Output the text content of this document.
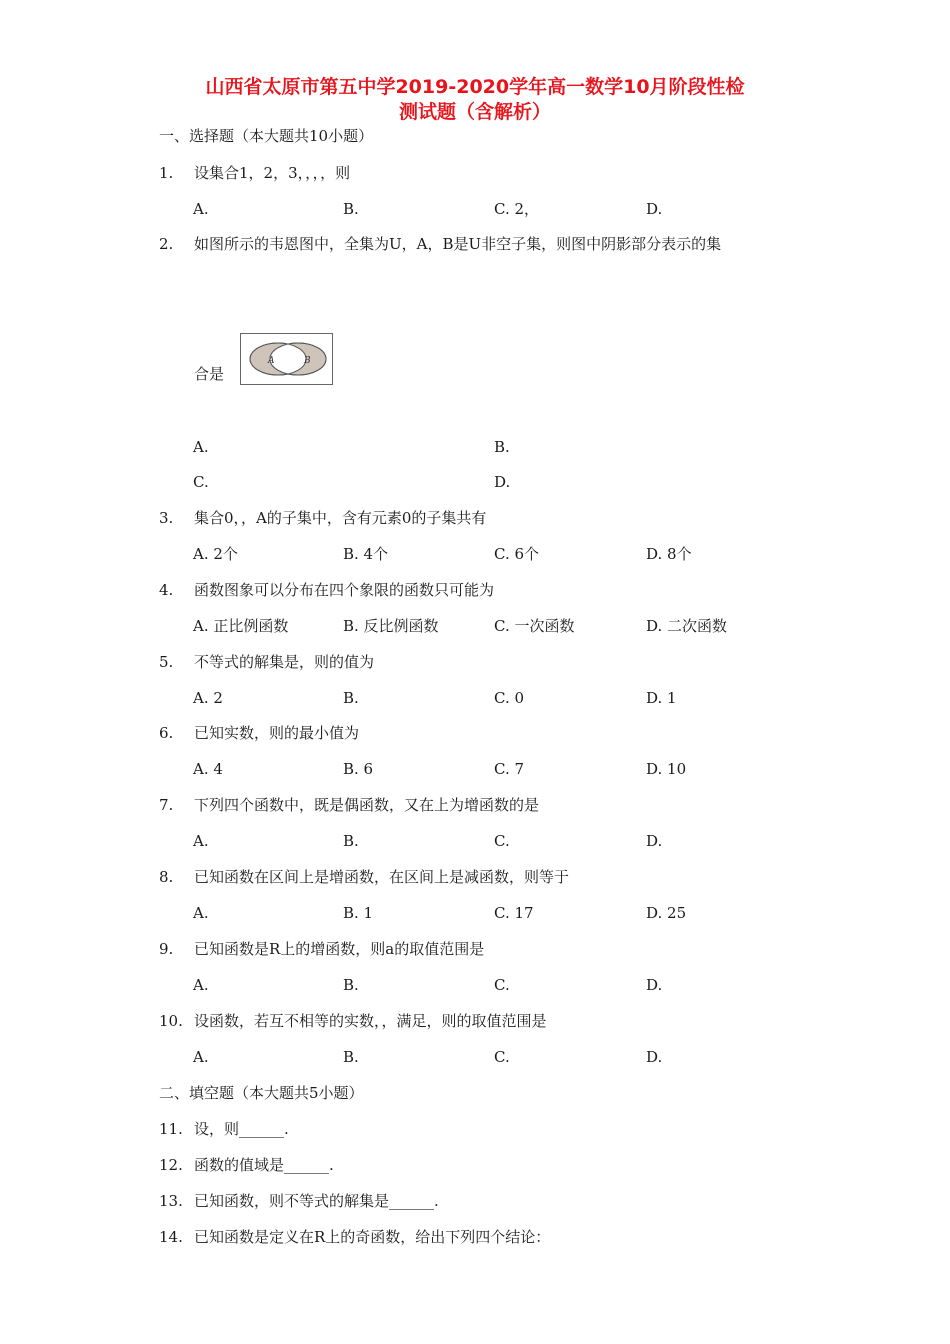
山西省太原市第五中学2019-2020学年高一数学10月阶段性检
测试题（含解析）
一、选择题（本大题共10小题）
1. 设集合1，2，3，，，，则
A.	B.	C. 2，	D.
2. 如图所示的韦恩图中，全集为U，A，B是U非空子集，则图中阴影部分表示的集
合是
A	B
A.	B.
C.	D.
3. 集合0，，A的子集中，含有元素0的子集共有
A. 2个	B. 4个	C. 6个	D. 8个
4. 函数图象可以分布在四个象限的函数只可能为
A. 正比例函数	B. 反比例函数	C. 一次函数	D. 二次函数
5. 不等式的解集是，则的值为
A. 2	B.	C. 0	D. 1
6. 已知实数，则的最小值为
A. 4	B. 6	C. 7	D. 10
7. 下列四个函数中，既是偶函数，又在上为增函数的是
A.	B.	C.	D.
8. 已知函数在区间上是增函数，在区间上是减函数，则等于
A.	B. 1	C. 17	D. 25
9. 已知函数是R上的增函数，则a的取值范围是
A.	B.	C.	D.
10. 设函数，若互不相等的实数，，满足，则的取值范围是
A.	B.	C.	D.
二、填空题（本大题共5小题）
11. 设，则______.
12. 函数的值域是______.
13. 已知函数，则不等式的解集是______.
14. 已知函数是定义在R上的奇函数，给出下列四个结论：
